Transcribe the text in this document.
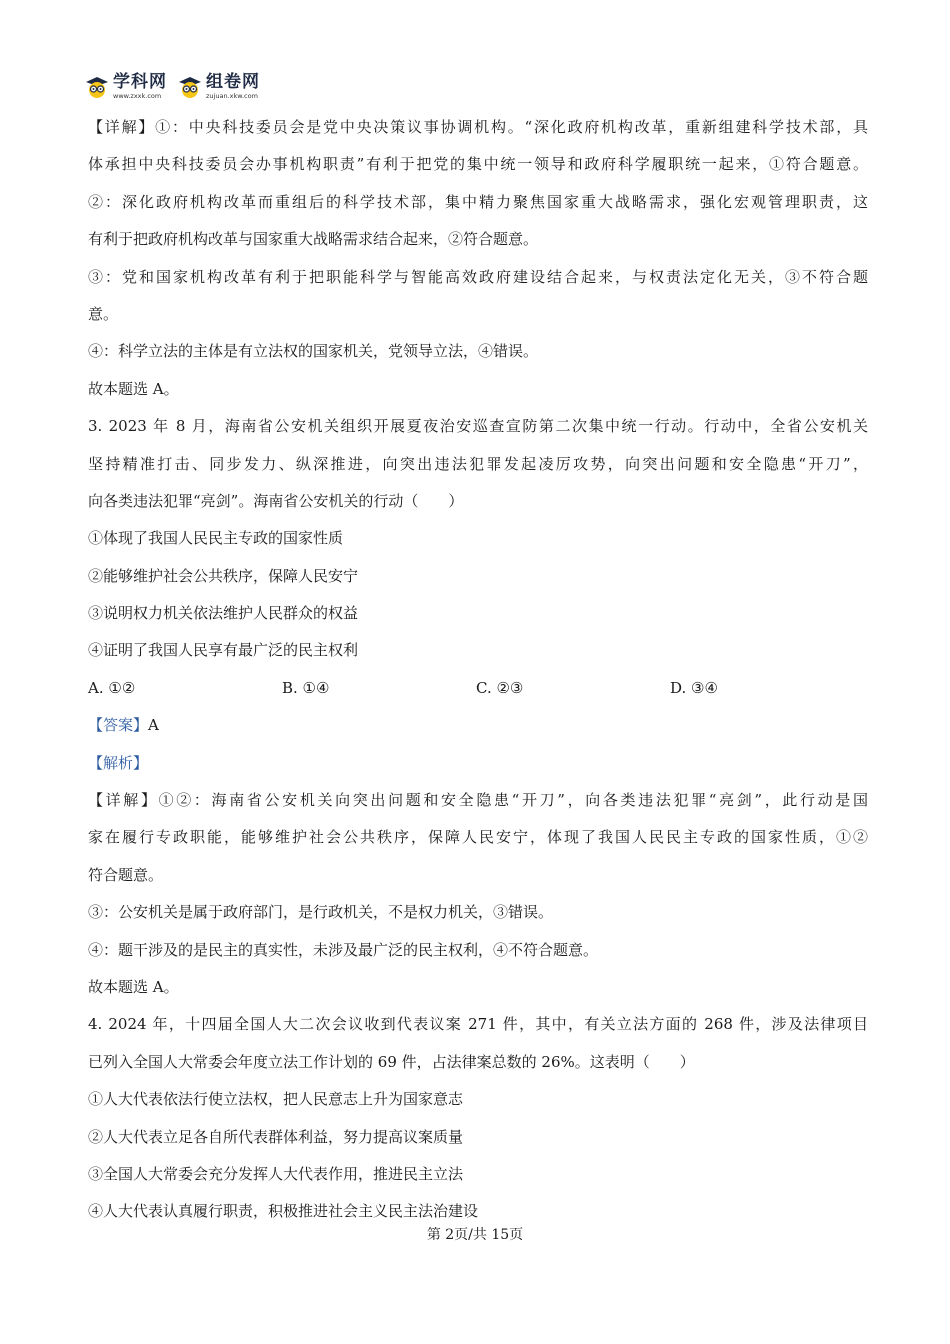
学科网
www.zxxk.com
组卷网
zujuan.xkw.com
【详解】①：中央科技委员会是党中央决策议事协调机构。“深化政府机构改革，重新组建科学技术部，具
体承担中央科技委员会办事机构职责”有利于把党的集中统一领导和政府科学履职统一起来，①符合题意。
②：深化政府机构改革而重组后的科学技术部，集中精力聚焦国家重大战略需求，强化宏观管理职责，这
有利于把政府机构改革与国家重大战略需求结合起来，②符合题意。
③：党和国家机构改革有利于把职能科学与智能高效政府建设结合起来，与权责法定化无关，③不符合题
意。
④：科学立法的主体是有立法权的国家机关，党领导立法，④错误。
故本题选 A。
3. 2023 年 8 月，海南省公安机关组织开展夏夜治安巡查宣防第二次集中统一行动。行动中，全省公安机关
坚持精准打击、同步发力、纵深推进，向突出违法犯罪发起凌厉攻势，向突出问题和安全隐患“开刀”，
向各类违法犯罪“亮剑”。海南省公安机关的行动（　　）
①体现了我国人民民主专政的国家性质
②能够维护社会公共秩序，保障人民安宁
③说明权力机关依法维护人民群众的权益
④证明了我国人民享有最广泛的民主权利
A. ①②	B. ①④	C. ②③	D. ③④
【答案】A
【解析】
【详解】①②：海南省公安机关向突出问题和安全隐患“开刀”，向各类违法犯罪“亮剑”，此行动是国
家在履行专政职能，能够维护社会公共秩序，保障人民安宁，体现了我国人民民主专政的国家性质，①②
符合题意。
③：公安机关是属于政府部门，是行政机关，不是权力机关，③错误。
④：题干涉及的是民主的真实性，未涉及最广泛的民主权利，④不符合题意。
故本题选 A。
4. 2024 年，十四届全国人大二次会议收到代表议案 271 件，其中，有关立法方面的 268 件，涉及法律项目
已列入全国人大常委会年度立法工作计划的 69 件，占法律案总数的 26%。这表明（　　）
①人大代表依法行使立法权，把人民意志上升为国家意志
②人大代表立足各自所代表群体利益，努力提高议案质量
③全国人大常委会充分发挥人大代表作用，推进民主立法
④人大代表认真履行职责，积极推进社会主义民主法治建设
第 2页/共 15页
